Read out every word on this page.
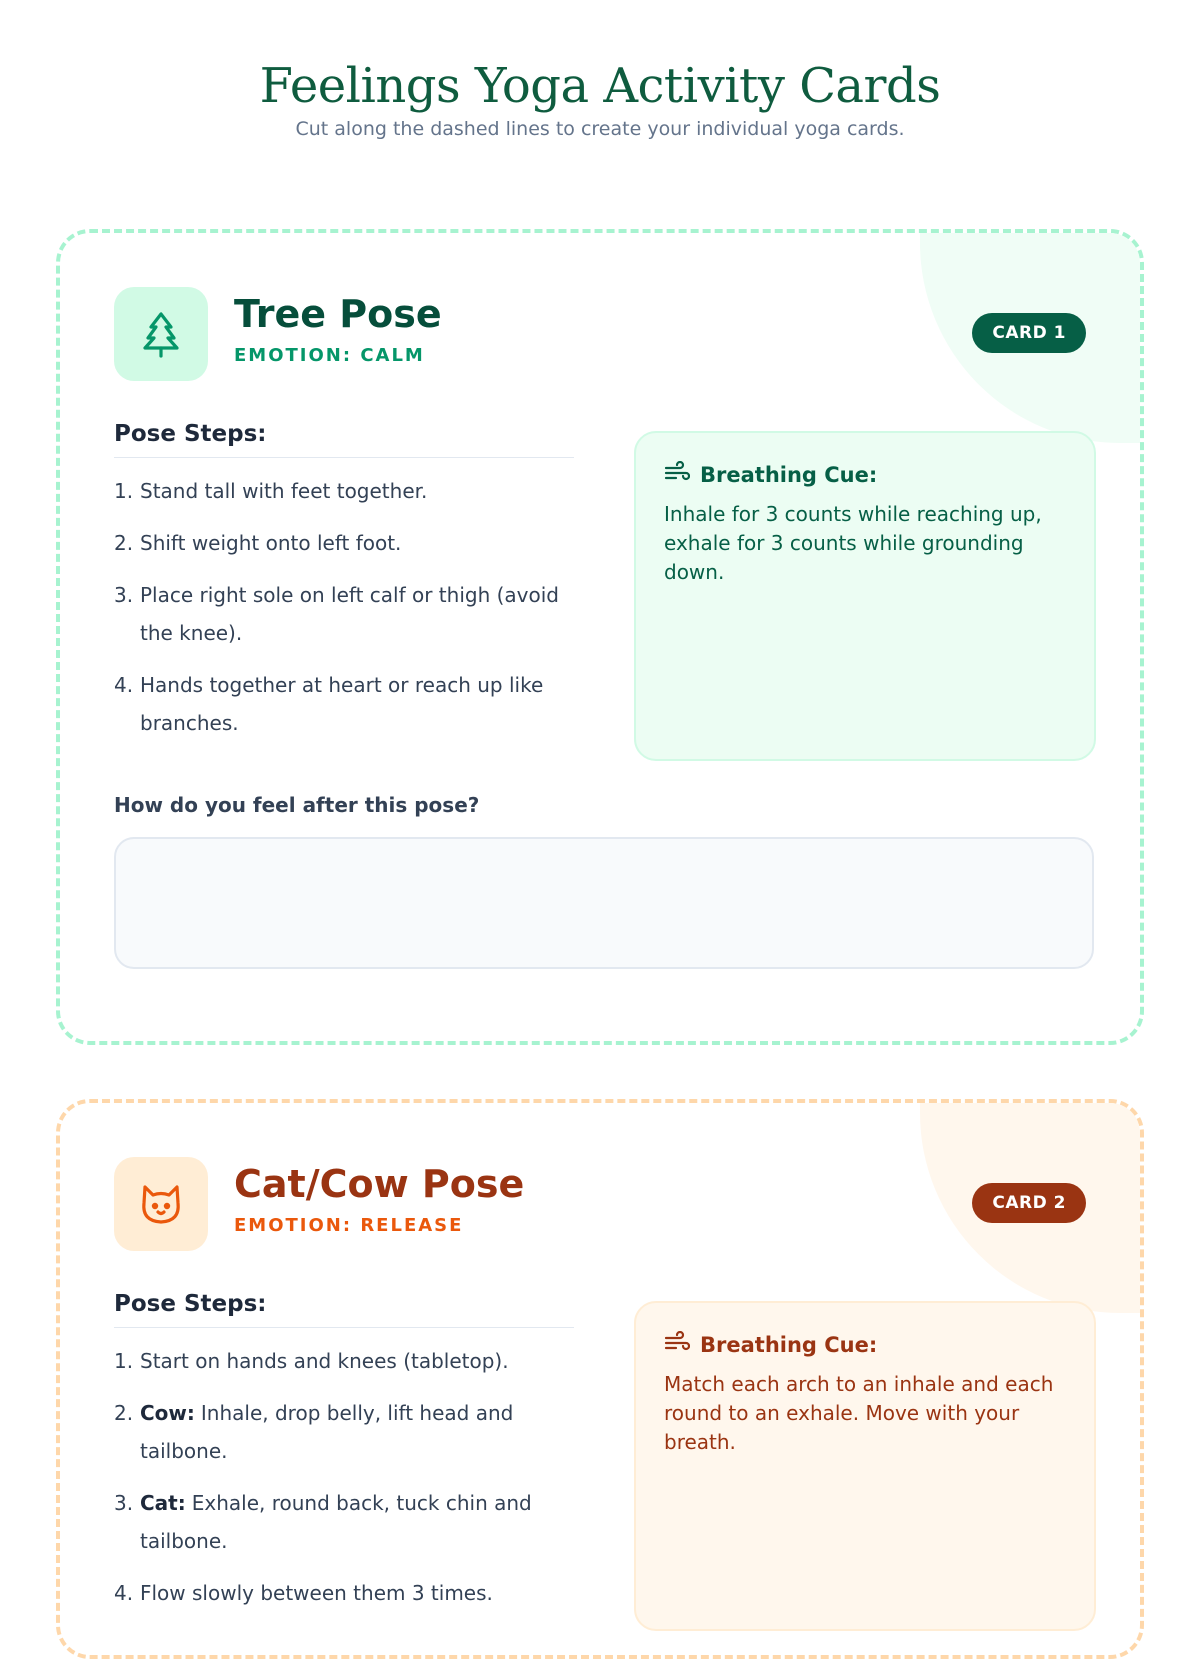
Feelings Yoga Activity Cards
Cut along the dashed lines to create your individual yoga cards.
Tree Pose
EMOTION: CALM
CARD 1
Pose Steps:
1. Stand tall with feet together.
2. Shift weight onto left foot.
3. Place right sole on left calf or thigh (avoid the knee).
4. Hands together at heart or reach up like branches.
Breathing Cue:
Inhale for 3 counts while reaching up, exhale for 3 counts while grounding down.
How do you feel after this pose?
Cat/Cow Pose
EMOTION: RELEASE
CARD 2
Pose Steps:
1. Start on hands and knees (tabletop).
2. Cow: Inhale, drop belly, lift head and tailbone.
3. Cat: Exhale, round back, tuck chin and tailbone.
4. Flow slowly between them 3 times.
Breathing Cue:
Match each arch to an inhale and each round to an exhale. Move with your breath.
